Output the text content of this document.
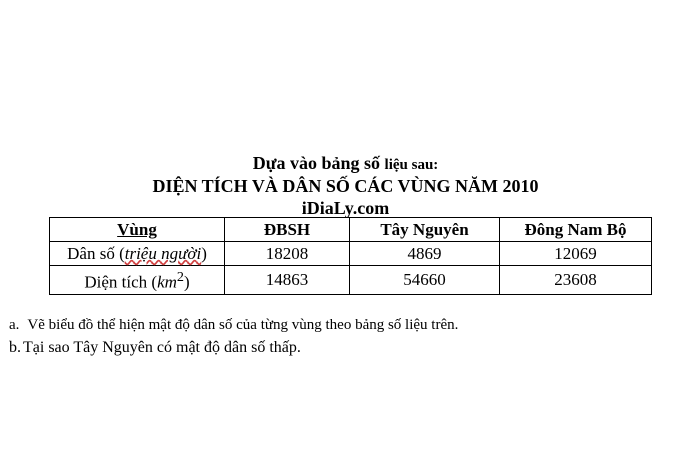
Dựa vào bảng số liệu sau:
DIỆN TÍCH VÀ DÂN SỐ CÁC VÙNG NĂM 2010
iDiaLy.com
Vùng	ĐBSH	Tây Nguyên	Đông Nam Bộ
Dân số (triệu người)	18208	4869	12069
Diện tích $(km^2)$	14863	54660	23608
a. Vẽ biểu đồ thể hiện mật độ dân số của từng vùng theo bảng số liệu trên.
b. Tại sao Tây Nguyên có mật độ dân số thấp.
